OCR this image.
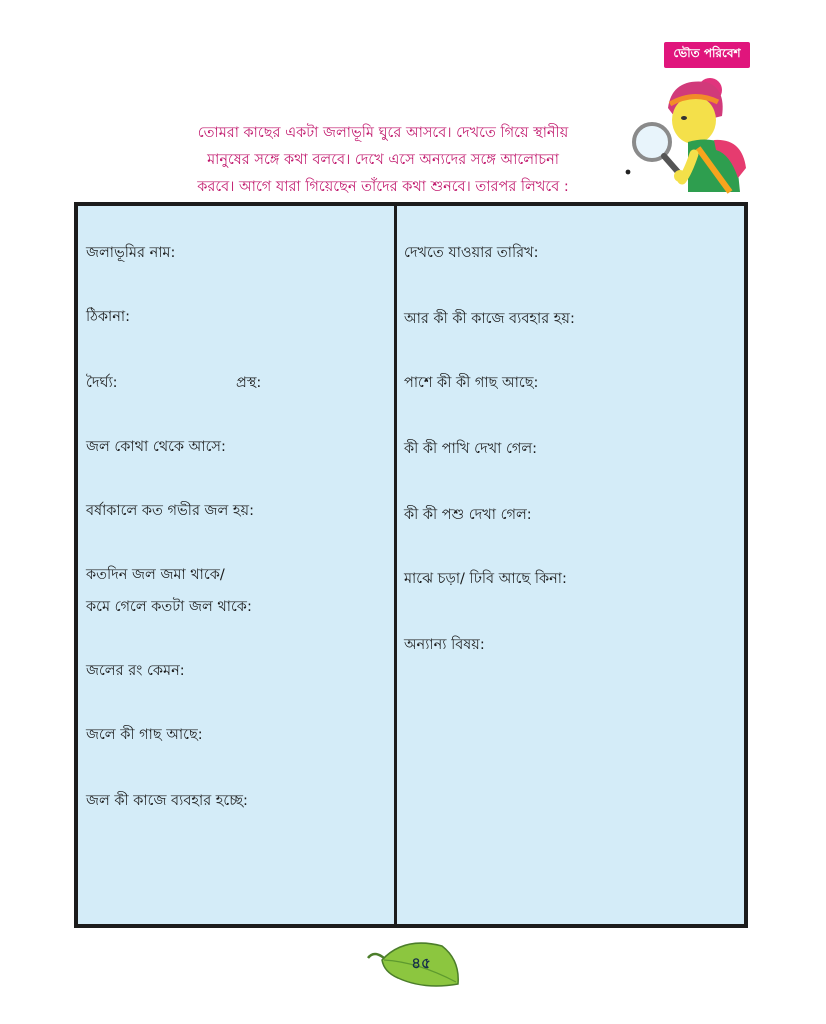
ভৌত পরিবেশ

তোমরা কাছের একটা জলাভূমি ঘুরে আসবে। দেখতে গিয়ে স্থানীয়

মানুষের সঙ্গে কথা বলবে। দেখে এসে অন্যদের সঙ্গে আলোচনা

করবে। আগে যারা গিয়েছেন তাঁদের কথা শুনবে। তারপর লিখবে :

জলাভূমির নাম:

ঠিকানা:

দৈর্ঘ্য:	প্রস্থ:

জল কোথা থেকে আসে:

বর্ষাকালে কত গভীর জল হয়:

কতদিন জল জমা থাকে/

কমে গেলে কতটা জল থাকে:

জলের রং কেমন:

জলে কী গাছ আছে:

জল কী কাজে ব্যবহার হচ্ছে:

দেখতে যাওয়ার তারিখ:

আর কী কী কাজে ব্যবহার হয়:

পাশে কী কী গাছ আছে:

কী কী পাখি দেখা গেল:

কী কী পশু দেখা গেল:

মাঝে চড়া/ ঢিবি আছে কিনা:

অন্যান্য বিষয়:

৪৫
